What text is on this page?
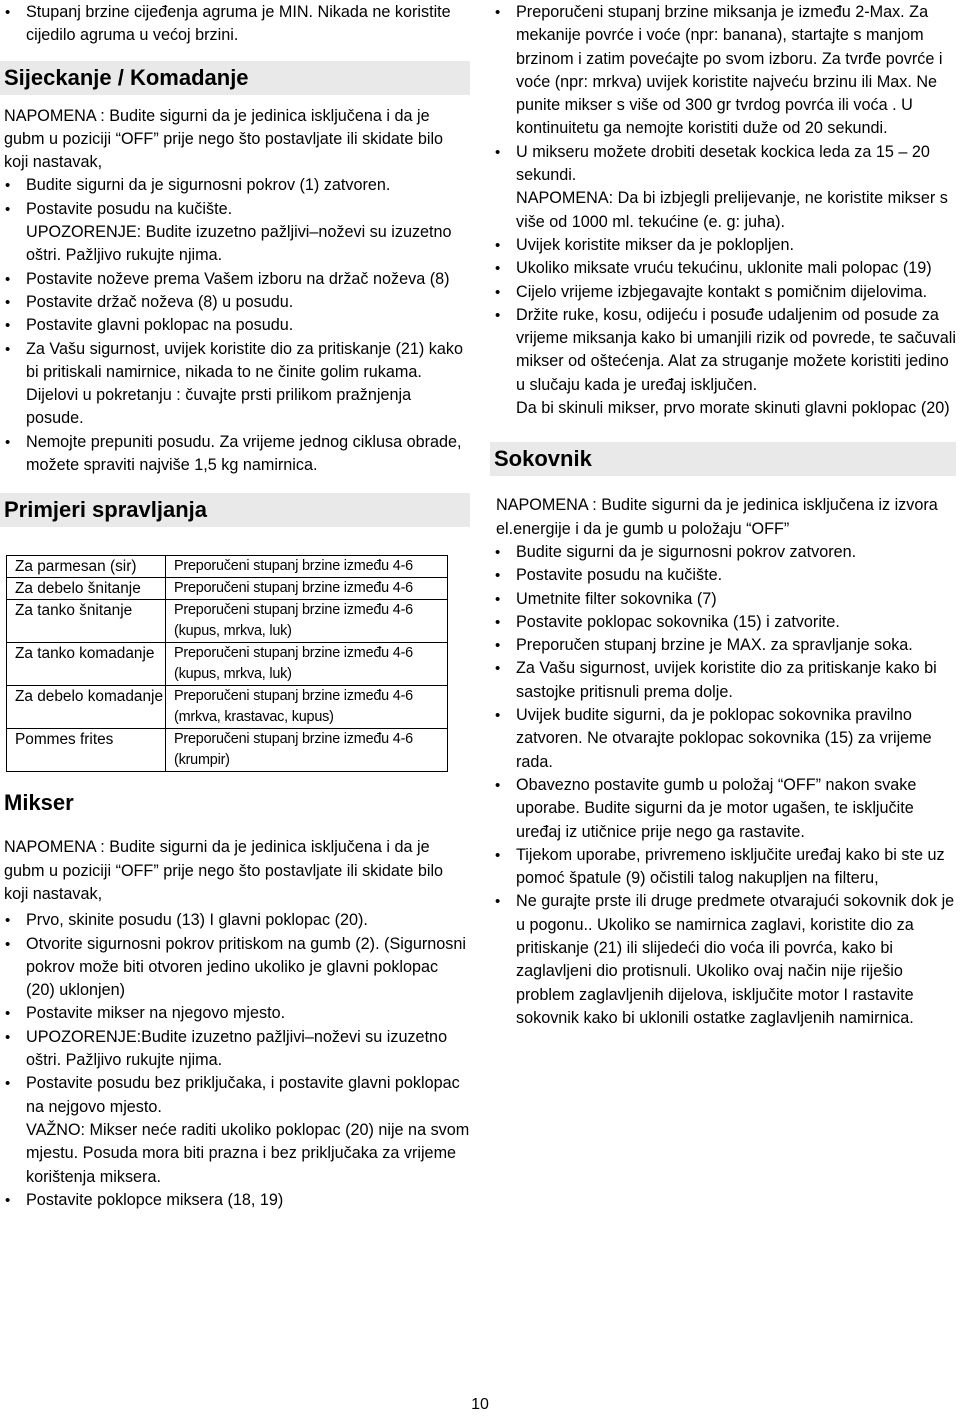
• Stupanj brzine cijeđenja agruma je MIN. Nikada ne koristite cijedilo agruma u većoj brzini.
Sijeckanje / Komadanje

NAPOMENA : Budite sigurni da je jedinica isključena i da je gubm u poziciji “OFF” prije nego što postavljate ili skidate bilo koji nastavak,

• Budite sigurni da je sigurnosni pokrov (1) zatvoren.
• Postavite posudu na kučište.

UPOZORENJE: Budite izuzetno pažljivi–noževi su izuzetno oštri. Pažljivo rukujte njima.

• Postavite noževe prema Vašem izboru na držač noževa (8)
• Postavite držač noževa (8) u posudu.
• Postavite glavni poklopac na posudu.
• Za Vašu sigurnost, uvijek koristite dio za pritiskanje (21) kako bi pritiskali namirnice, nikada to ne činite golim rukama. Dijelovi u pokretanju : čuvajte prsti prilikom pražnjenja posude.
• Nemojte prepuniti posudu. Za vrijeme jednog ciklusa obrade, možete spraviti najviše 1,5 kg namirnica.
Primjeri spravljanja
Za parmesan (sir)	Preporučeni stupanj brzine između 4-6
Za debelo šnitanje	Preporučeni stupanj brzine između 4-6
Za tanko šnitanje	Preporučeni stupanj brzine između 4-6 (kupus, mrkva, luk)
Za tanko komadanje	Preporučeni stupanj brzine između 4-6 (kupus, mrkva, luk)
Za debelo komadanje	Preporučeni stupanj brzine između 4-6 (mrkva, krastavac, kupus)
Pommes frites	Preporučeni stupanj brzine između 4-6 (krumpir)
Mikser

NAPOMENA : Budite sigurni da je jedinica isključena i da je gubm u poziciji “OFF” prije nego što postavljate ili skidate bilo koji nastavak,

• Prvo, skinite posudu (13) I glavni poklopac (20).
• Otvorite sigurnosni pokrov pritiskom na gumb (2). (Sigurnosni pokrov može biti otvoren jedino ukoliko je glavni poklopac (20) uklonjen)
• Postavite mikser na njegovo mjesto.
• UPOZORENJE:Budite izuzetno pažljivi–noževi su izuzetno oštri. Pažljivo rukujte njima.
• Postavite posudu bez priključaka, i postavite glavni poklopac na nejgovo mjesto.
VAŽNO: Mikser neće raditi ukoliko poklopac (20) nije na svom mjestu. Posuda mora biti prazna i bez priključaka za vrijeme korištenja miksera.
• Postavite poklopce miksera (18, 19)
• Preporučeni stupanj brzine miksanja je između 2-Max. Za mekanije povrće i voće (npr: banana), startajte s manjom brzinom i zatim povećajte po svom izboru. Za tvrđe povrće i voće (npr: mrkva) uvijek koristite najveću brzinu ili Max. Ne punite mikser s više od 300 gr tvrdog povrća ili voća . U kontinuitetu ga nemojte koristiti duže od 20 sekundi.
• U mikseru možete drobiti desetak kockica leda za 15 – 20 sekundi.
NAPOMENA: Da bi izbjegli prelijevanje, ne koristite mikser s više od 1000 ml. tekućine (e. g: juha).
• Uvijek koristite mikser da je poklopljen.
• Ukoliko miksate vruću tekućinu, uklonite mali polopac (19)
• Cijelo vrijeme izbjegavajte kontakt s pomičnim dijelovima.
• Držite ruke, kosu, odijeću i posuđe udaljenim od posude za vrijeme miksanja kako bi umanjili rizik od povrede, te sačuvali mikser od oštećenja. Alat za struganje možete koristiti jedino u slučaju kada je uređaj isključen.
Da bi skinuli mikser, prvo morate skinuti glavni poklopac (20)
Sokovnik

NAPOMENA : Budite sigurni da je jedinica isključena iz izvora el.energije i da je gumb u položaju “OFF”

• Budite sigurni da je sigurnosni pokrov zatvoren.
• Postavite posudu na kučište.
• Umetnite filter sokovnika (7)
• Postavite poklopac sokovnika (15) i zatvorite.
• Preporučen stupanj brzine je MAX. za spravljanje soka.
• Za Vašu sigurnost, uvijek koristite dio za pritiskanje kako bi sastojke pritisnuli prema dolje.
• Uvijek budite sigurni, da je poklopac sokovnika pravilno zatvoren. Ne otvarajte poklopac sokovnika (15) za vrijeme rada.
• Obavezno postavite gumb u položaj “OFF” nakon svake uporabe. Budite sigurni da je motor ugašen, te isključite uređaj iz utičnice prije nego ga rastavite.
• Tijekom uporabe, privremeno isključite uređaj kako bi ste uz pomoć špatule (9) očistili talog nakupljen na filteru,
• Ne gurajte prste ili druge predmete otvarajući sokovnik dok je u pogonu.. Ukoliko se namirnica zaglavi, koristite dio za pritiskanje (21) ili slijedeći dio voća ili povrća, kako bi zaglavljeni dio protisnuli. Ukoliko ovaj način nije riješio problem zaglavljenih dijelova, isključite motor I rastavite sokovnik kako bi uklonili ostatke zaglavljenih namirnica.
10
